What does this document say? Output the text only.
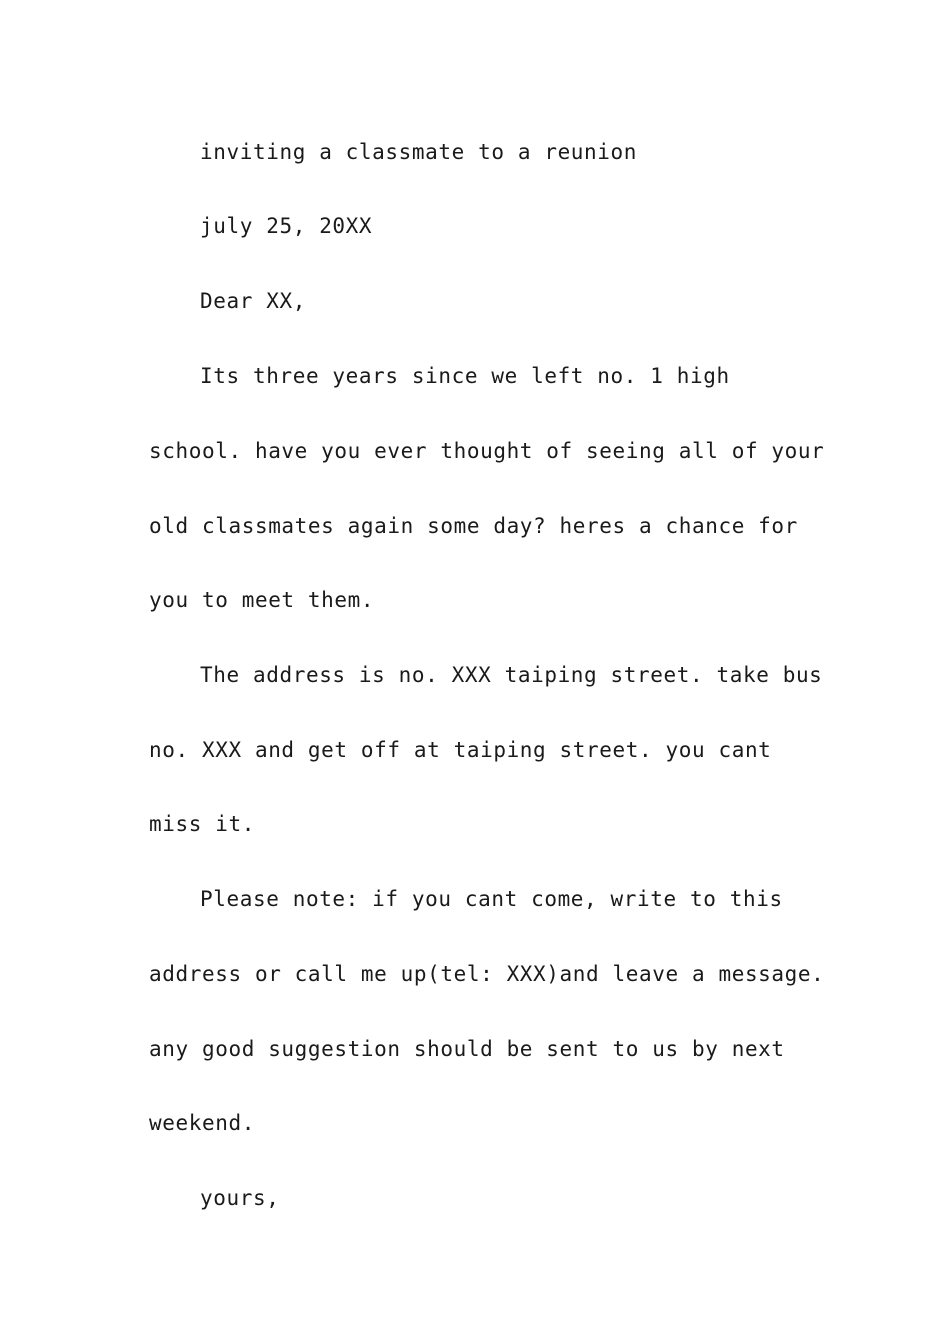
inviting a classmate to a reunion
july 25, 20XX
Dear XX,
Its three years since we left no. 1 high
school. have you ever thought of seeing all of your
old classmates again some day? heres a chance for
you to meet them.
The address is no. XXX taiping street. take bus
no. XXX and get off at taiping street. you cant
miss it.
Please note: if you cant come, write to this
address or call me up(tel: XXX)and leave a message.
any good suggestion should be sent to us by next
weekend.
yours,
